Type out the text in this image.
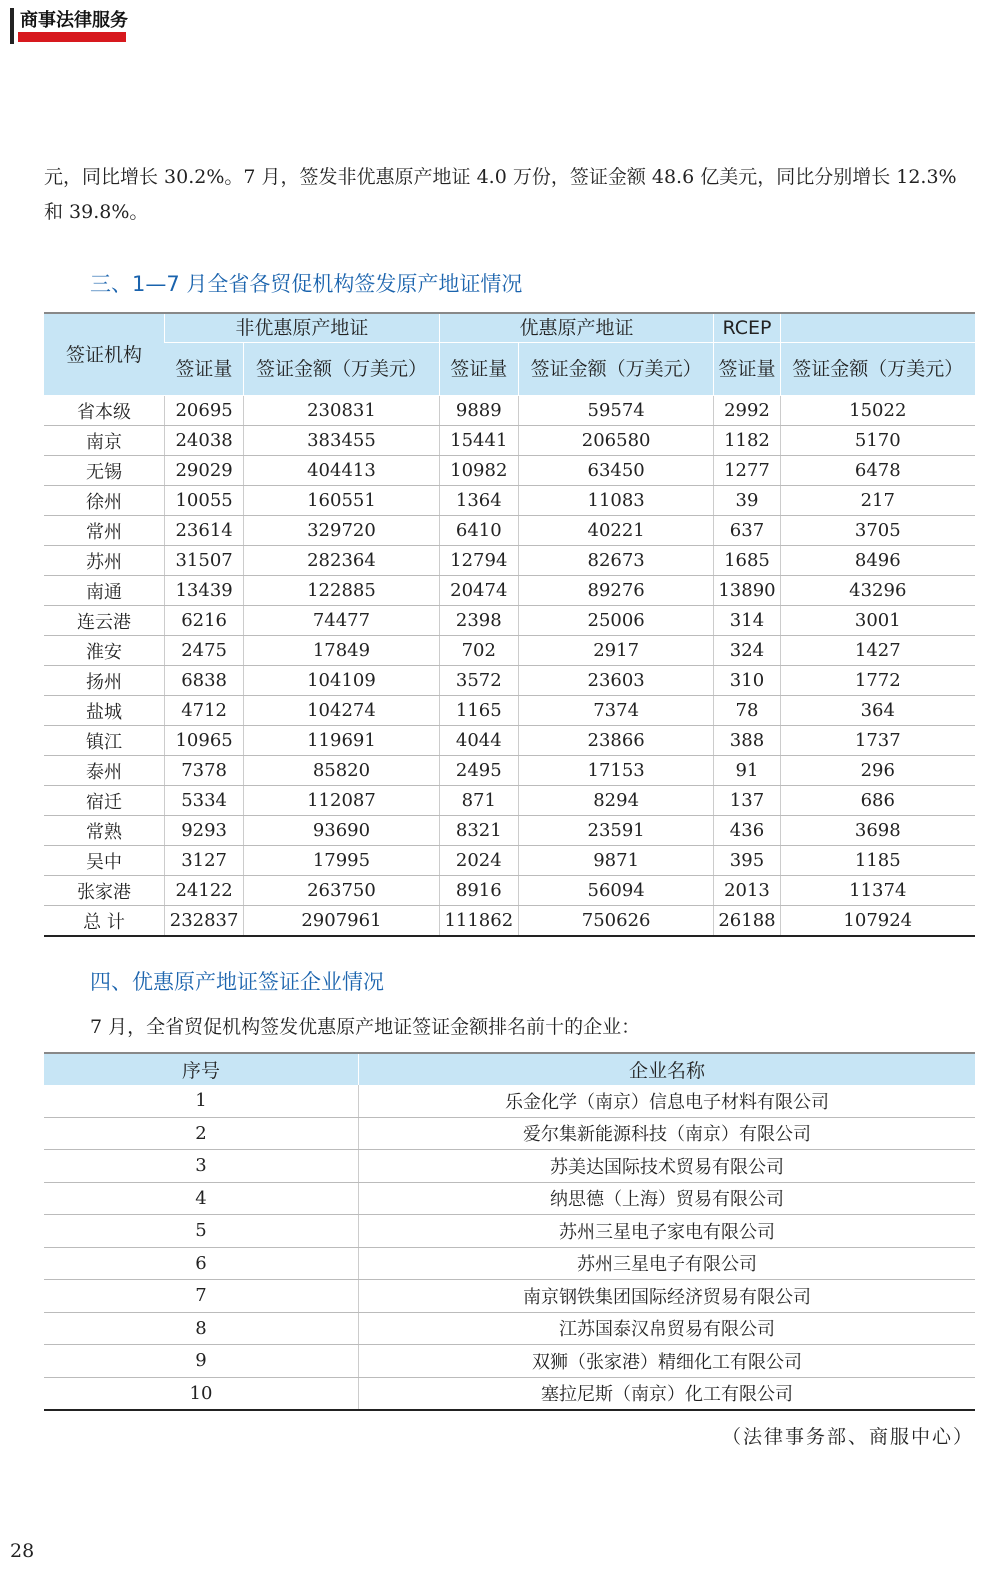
商事法律服务
元，同比增长 30.2%。7 月，签发非优惠原产地证 4.0 万份，签证金额 48.6 亿美元，同比分别增长 12.3% 和 39.8%。
三、1—7 月全省各贸促机构签发原产地证情况
签证机构	非优惠原产地证		优惠原产地证		RCEP	
	签证量	签证金额（万美元）	签证量	签证金额（万美元）	签证量	签证金额（万美元）
省本级	20695	230831	9889	59574	2992	15022
南京	24038	383455	15441	206580	1182	5170
无锡	29029	404413	10982	63450	1277	6478
徐州	10055	160551	1364	11083	39	217
常州	23614	329720	6410	40221	637	3705
苏州	31507	282364	12794	82673	1685	8496
南通	13439	122885	20474	89276	13890	43296
连云港	6216	74477	2398	25006	314	3001
淮安	2475	17849	702	2917	324	1427
扬州	6838	104109	3572	23603	310	1772
盐城	4712	104274	1165	7374	78	364
镇江	10965	119691	4044	23866	388	1737
泰州	7378	85820	2495	17153	91	296
宿迁	5334	112087	871	8294	137	686
常熟	9293	93690	8321	23591	436	3698
吴中	3127	17995	2024	9871	395	1185
张家港	24122	263750	8916	56094	2013	11374
总 计	232837	2907961	111862	750626	26188	107924
四、优惠原产地证签证企业情况
7 月，全省贸促机构签发优惠原产地证签证金额排名前十的企业：
序号	企业名称
1	乐金化学（南京）信息电子材料有限公司
2	爱尔集新能源科技（南京）有限公司
3	苏美达国际技术贸易有限公司
4	纳思德（上海）贸易有限公司
5	苏州三星电子家电有限公司
6	苏州三星电子有限公司
7	南京钢铁集团国际经济贸易有限公司
8	江苏国泰汉帛贸易有限公司
9	双狮（张家港）精细化工有限公司
10	塞拉尼斯（南京）化工有限公司
（法律事务部、商服中心）
28
